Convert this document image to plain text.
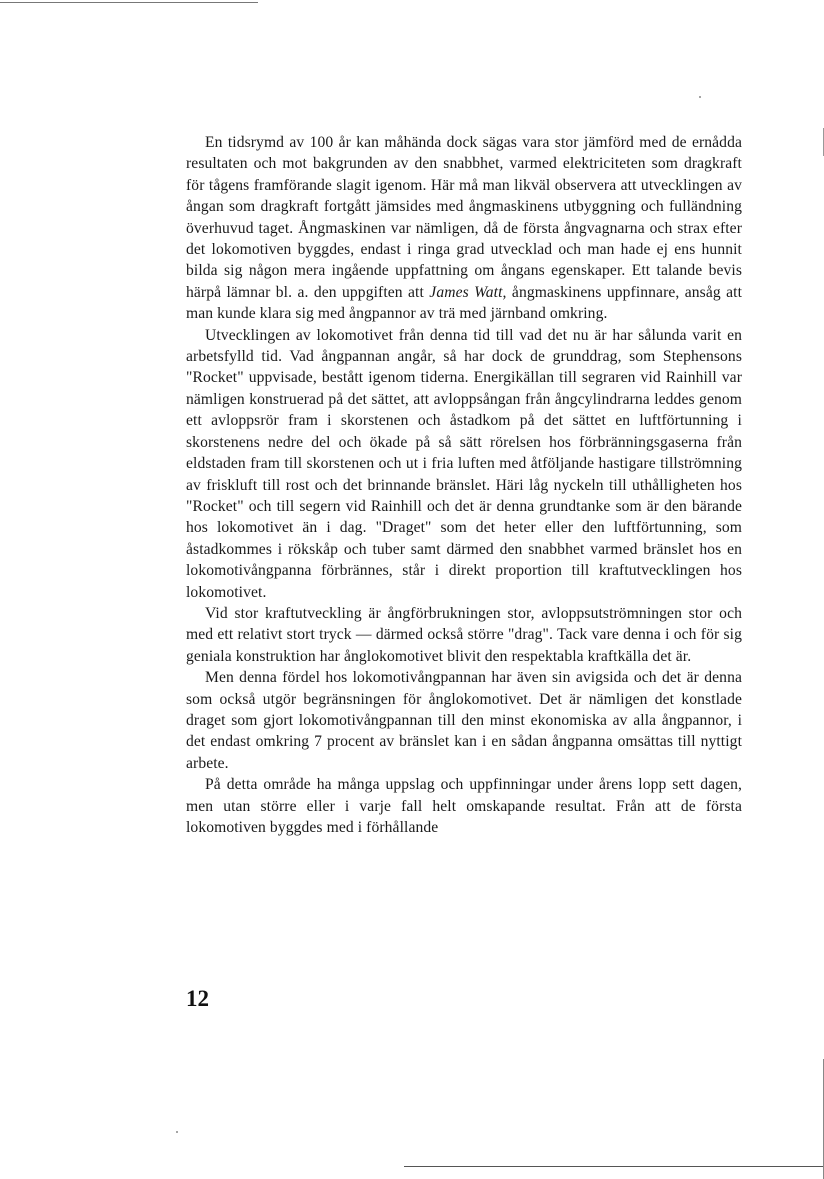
En tidsrymd av 100 år kan måhända dock sägas vara stor jämförd med de ernådda resultaten och mot bakgrunden av den snabbhet, varmed elektriciteten som dragkraft för tågens framförande slagit igenom. Här må man likväl observera att utvecklingen av ångan som dragkraft fortgått jämsides med ångmaskinens utbyggning och fulländning överhuvud taget. Ångmaskinen var nämligen, då de första ångvagnarna och strax efter det lokomotiven byggdes, endast i ringa grad utvecklad och man hade ej ens hunnit bilda sig någon mera ingående uppfattning om ångans egenskaper. Ett talande bevis härpå lämnar bl. a. den uppgiften att James Watt, ångmaskinens uppfinnare, ansåg att man kunde klara sig med ångpannor av trä med järnband omkring.

Utvecklingen av lokomotivet från denna tid till vad det nu är har sålunda varit en arbetsfylld tid. Vad ångpannan angår, så har dock de grunddrag, som Stephensons "Rocket" uppvisade, bestått igenom tiderna. Energikällan till segraren vid Rainhill var nämligen konstruerad på det sättet, att avloppsångan från ångcylindrarna leddes genom ett avloppsrör fram i skorstenen och åstadkom på det sättet en luftförtunning i skorstenens nedre del och ökade på så sätt rörelsen hos förbränningsgaserna från eldstaden fram till skorstenen och ut i fria luften med åtföljande hastigare tillströmning av friskluft till rost och det brinnande bränslet. Häri låg nyckeln till uthålligheten hos "Rocket" och till segern vid Rainhill och det är denna grundtanke som är den bärande hos lokomotivet än i dag. "Draget" som det heter eller den luftförtunning, som åstadkommes i rökskåp och tuber samt därmed den snabbhet varmed bränslet hos en lokomotivångpanna förbrännes, står i direkt proportion till kraftutvecklingen hos lokomotivet.

Vid stor kraftutveckling är ångförbrukningen stor, avloppsutströmningen stor och med ett relativt stort tryck — därmed också större "drag". Tack vare denna i och för sig geniala konstruktion har ånglokomotivet blivit den respektabla kraftkälla det är.

Men denna fördel hos lokomotivångpannan har även sin avigsida och det är denna som också utgör begränsningen för ånglokomotivet. Det är nämligen det konstlade draget som gjort lokomotivångpannan till den minst ekonomiska av alla ångpannor, i det endast omkring 7 procent av bränslet kan i en sådan ångpanna omsättas till nyttigt arbete.

På detta område ha många uppslag och uppfinningar under årens lopp sett dagen, men utan större eller i varje fall helt omskapande resultat. Från att de första lokomotiven byggdes med i förhållande

12
